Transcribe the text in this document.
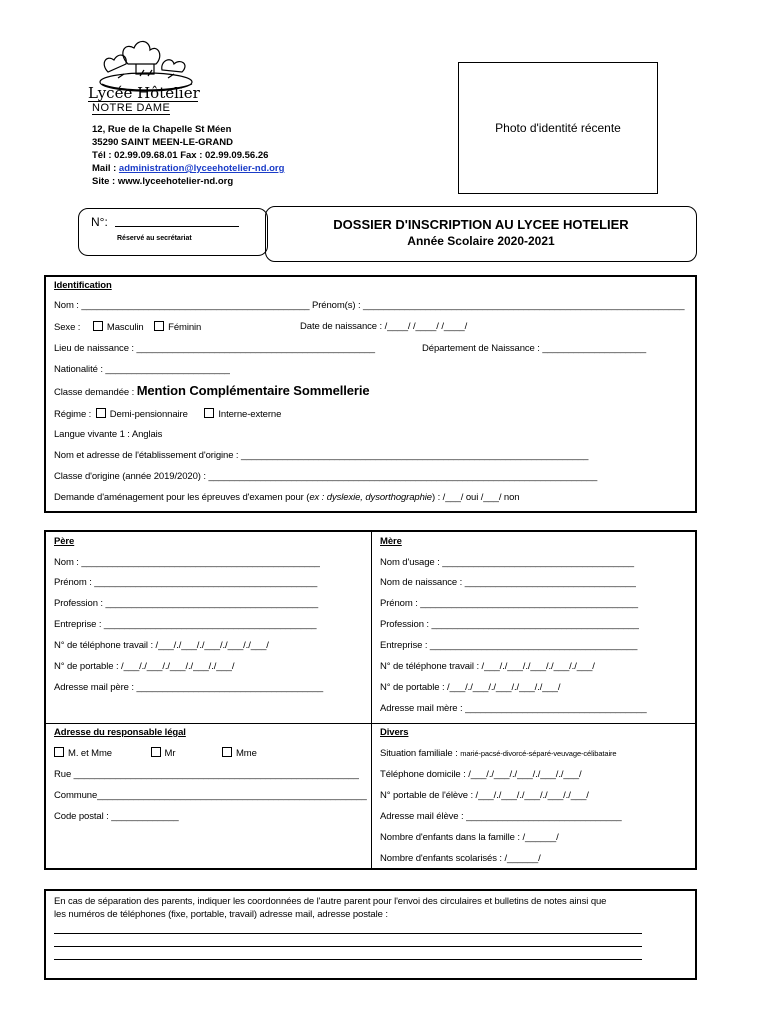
Lycée Hôtelier
NOTRE DAME
12, Rue de la Chapelle St Méen
35290 SAINT MEEN-LE-GRAND
Tél : 02.99.09.68.01 Fax : 02.99.09.56.26
Mail : administration@lyceehotelier-nd.org
Site : www.lyceehotelier-nd.org
Photo d'identité récente
N°:
Réservé au secrétariat
DOSSIER D'INSCRIPTION AU LYCEE HOTELIER
Année Scolaire 2020-2021
Identification
Nom : ____________________________________________ Prénom(s) : ______________________________________________________________
Sexe :	Masculin	Féminin	Date de naissance : /____/ /____/ /____/
Lieu de naissance : ______________________________________________	Département de Naissance : ____________________
Nationalité : ________________________
Classe demandée : Mention Complémentaire Sommellerie
Régime : Demi-pensionnaire	Interne-externe
Langue vivante 1 : Anglais
Nom et adresse de l'établissement d'origine : ___________________________________________________________________
Classe d'origine (année 2019/2020) : ___________________________________________________________________________
Demande d'aménagement pour les épreuves d'examen pour (ex : dyslexie, dysorthographie) : /___/ oui /___/ non
Père
Nom : ______________________________________________
Prénom : ___________________________________________
Profession : _________________________________________
Entreprise : _________________________________________
N° de téléphone travail : /___/./___/./___/./___/./___/
N° de portable : /___/./___/./___/./___/./___/
Adresse mail père : ____________________________________
Mère
Nom d'usage : _____________________________________
Nom de naissance : _________________________________
Prénom : __________________________________________
Profession : ________________________________________
Entreprise : ________________________________________
N° de téléphone travail : /___/./___/./___/./___/./___/
N° de portable : /___/./___/./___/./___/./___/
Adresse mail mère : ___________________________________
Adresse du responsable légal
M. et Mme	Mr	Mme
Rue _______________________________________________________
Commune____________________________________________________
Code postal : _____________
Divers
Situation familiale : marié-pacsé-divorcé-séparé-veuvage-célibataire
Téléphone domicile : /___/./___/./___/./___/./___/
N° portable de l'élève : /___/./___/./___/./___/./___/
Adresse mail élève : ______________________________
Nombre d'enfants dans la famille : /______/
Nombre d'enfants scolarisés : /______/
En cas de séparation des parents, indiquer les coordonnées de l'autre parent pour l'envoi des circulaires et bulletins de notes ainsi que
les numéros de téléphones (fixe, portable, travail) adresse mail, adresse postale :
